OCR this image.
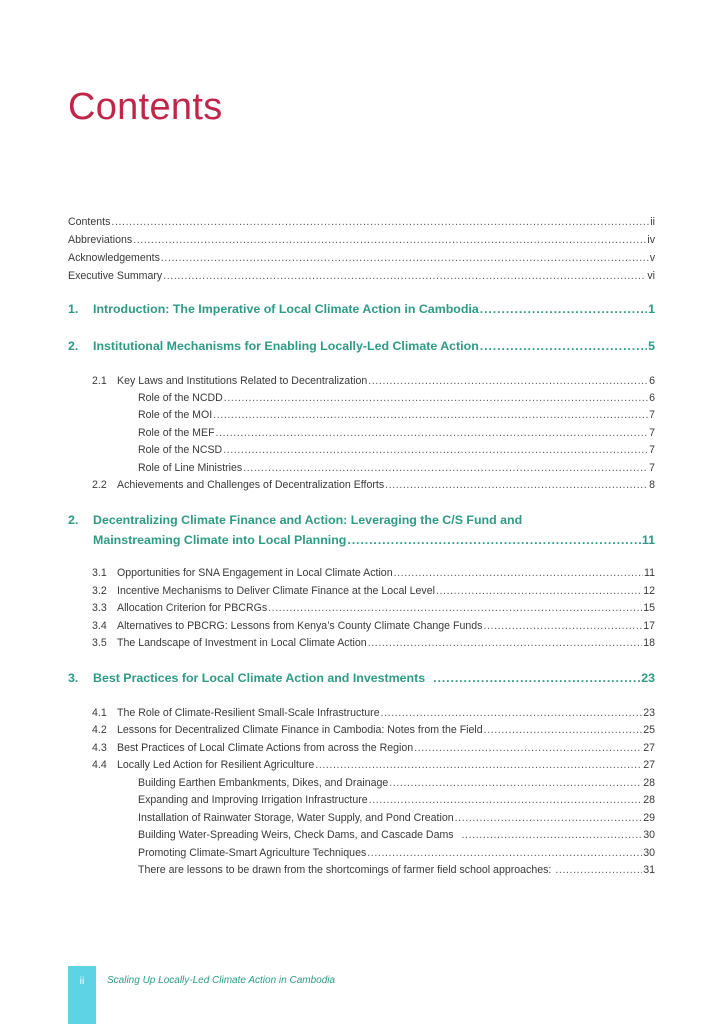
Contents
Contents .....	ii
Abbreviations .....	iv
Acknowledgements .....	v
Executive Summary .....	vi
1.	Introduction: The Imperative of Local Climate Action in Cambodia .....	1
2.	Institutional Mechanisms for Enabling Locally-Led Climate Action .....	5
2.1 Key Laws and Institutions Related to Decentralization .....	6
Role of the NCDD .....	6
Role of the MOI .....	7
Role of the MEF .....	7
Role of the NCSD .....	7
Role of Line Ministries .....	7
2.2 Achievements and Challenges of Decentralization Efforts .....	8
2.	Decentralizing Climate Finance and Action: Leveraging the C/S Fund and
Mainstreaming Climate into Local Planning .....	11
3.1 Opportunities for SNA Engagement in Local Climate Action .....	11
3.2 Incentive Mechanisms to Deliver Climate Finance at the Local Level .....	12
3.3 Allocation Criterion for PBCRGs .....	15
3.4 Alternatives to PBCRG: Lessons from Kenya’s County Climate Change Funds .....	17
3.5 The Landscape of Investment in Local Climate Action .....	18
3.	Best Practices for Local Climate Action and Investments .....	23
4.1 The Role of Climate-Resilient Small-Scale Infrastructure .....	23
4.2 Lessons for Decentralized Climate Finance in Cambodia: Notes from the Field .....	25
4.3 Best Practices of Local Climate Actions from across the Region .....	27
4.4 Locally Led Action for Resilient Agriculture .....	27
Building Earthen Embankments, Dikes, and Drainage .....	28
Expanding and Improving Irrigation Infrastructure .....	28
Installation of Rainwater Storage, Water Supply, and Pond Creation .....	29
Building Water-Spreading Weirs, Check Dams, and Cascade Dams .....	30
Promoting Climate-Smart Agriculture Techniques .....	30
There are lessons to be drawn from the shortcomings of farmer field school approaches: .....	31
ii	Scaling Up Locally-Led Climate Action in Cambodia
